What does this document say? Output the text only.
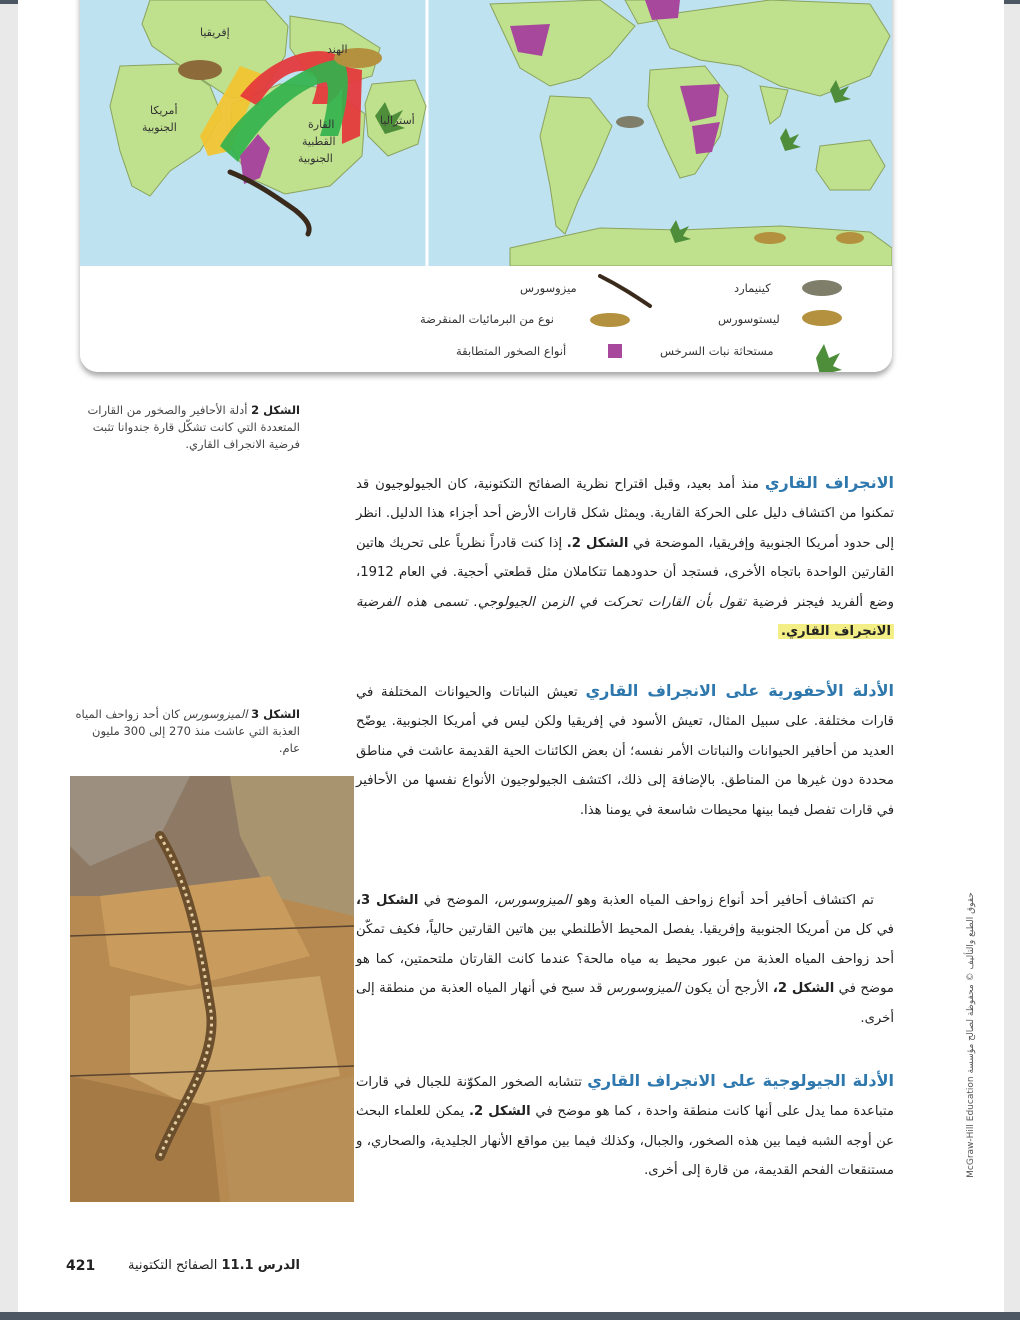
إفريقيا
الهند
أمريكا
الجنوبية	القارة
القطبية
الجنوبية
أستراليا
كينيمارد
ميزوسورس
ليستوسورس
نوع من البرمائيات المنقرضة
مستحاثة نبات السرخس
أنواع الصخور المتطابقة
الشكل 2 أدلة الأحافير والصخور من القارات المتعددة التي كانت تشكّل قارة جندوانا تثبت فرضية الانجراف القاري.

الانجراف القاري منذ أمد بعيد، وقبل اقتراح نظرية الصفائح التكتونية، كان الجيولوجيون قد تمكنوا من اكتشاف دليل على الحركة القارية. ويمثل شكل قارات الأرض أحد أجزاء هذا الدليل. انظر إلى حدود أمريكا الجنوبية وإفريقيا، الموضحة في الشكل 2. إذا كنت قادراً نظرياً على تحريك هاتين القارتين الواحدة باتجاه الأخرى، فستجد أن حدودهما تتكاملان مثل قطعتي أحجية. في العام 1912، وضع ألفريد فيجنر فرضية تقول بأن القارات تحركت في الزمن الجيولوجي. تسمى هذه الفرضية الانجراف القاري.

الأدلة الأحفورية على الانجراف القاري تعيش النباتات والحيوانات المختلفة في قارات مختلفة. على سبيل المثال، تعيش الأسود في إفريقيا ولكن ليس في أمريكا الجنوبية. يوضّح العديد من أحافير الحيوانات والنباتات الأمر نفسه؛ أن بعض الكائنات الحية القديمة عاشت في مناطق محددة دون غيرها من المناطق. بالإضافة إلى ذلك، اكتشف الجيولوجيون الأنواع نفسها من الأحافير في قارات تفصل فيما بينها محيطات شاسعة في يومنا هذا.

الشكل 3 الميزوسورس كان أحد زواحف المياه العذبة التي عاشت منذ 270 إلى 300 مليون عام.

تم اكتشاف أحافير أحد أنواع زواحف المياه العذبة وهو الميزوسورس، الموضح في الشكل 3، في كل من أمريكا الجنوبية وإفريقيا. يفصل المحيط الأطلنطي بين هاتين القارتين حالياً، فكيف تمكّن أحد زواحف المياه العذبة من عبور محيط به مياه مالحة؟ عندما كانت القارتان ملتحمتين، كما هو موضح في الشكل 2، الأرجح أن يكون الميزوسورس قد سبح في أنهار المياه العذبة من منطقة إلى أخرى.

الأدلة الجيولوجية على الانجراف القاري تتشابه الصخور المكوّنة للجبال في قارات متباعدة مما يدل على أنها كانت منطقة واحدة ، كما هو موضح في الشكل 2. يمكن للعلماء البحث عن أوجه الشبه فيما بين هذه الصخور، والجبال، وكذلك فيما بين مواقع الأنهار الجليدية، والصحاري، و مستنقعات الفحم القديمة، من قارة إلى أخرى.	حقوق الطبع والتأليف © محفوظة لصالح مؤسسة McGraw-Hill Education
الدرس 11.1 الصفائح التكتونية
421
